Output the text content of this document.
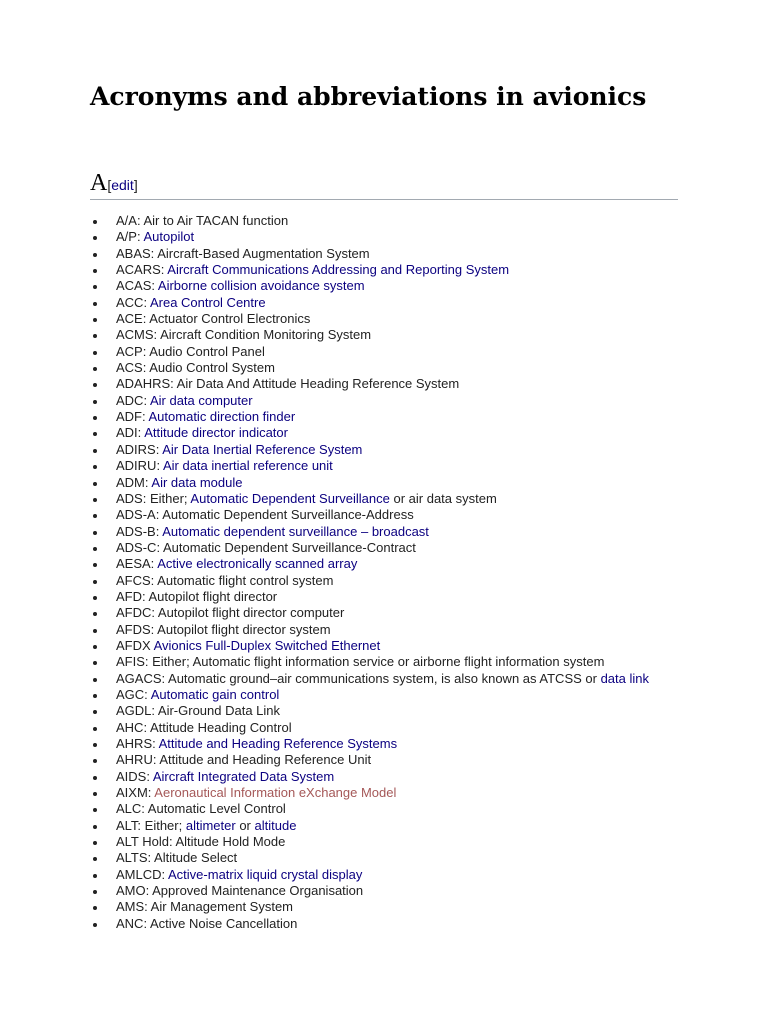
Acronyms and abbreviations in avionics
A[edit]
A/A: Air to Air TACAN function
A/P: Autopilot
ABAS: Aircraft-Based Augmentation System
ACARS: Aircraft Communications Addressing and Reporting System
ACAS: Airborne collision avoidance system
ACC: Area Control Centre
ACE: Actuator Control Electronics
ACMS: Aircraft Condition Monitoring System
ACP: Audio Control Panel
ACS: Audio Control System
ADAHRS: Air Data And Attitude Heading Reference System
ADC: Air data computer
ADF: Automatic direction finder
ADI: Attitude director indicator
ADIRS: Air Data Inertial Reference System
ADIRU: Air data inertial reference unit
ADM: Air data module
ADS: Either; Automatic Dependent Surveillance or air data system
ADS-A: Automatic Dependent Surveillance-Address
ADS-B: Automatic dependent surveillance – broadcast
ADS-C: Automatic Dependent Surveillance-Contract
AESA: Active electronically scanned array
AFCS: Automatic flight control system
AFD: Autopilot flight director
AFDC: Autopilot flight director computer
AFDS: Autopilot flight director system
AFDX Avionics Full-Duplex Switched Ethernet
AFIS: Either; Automatic flight information service or airborne flight information system
AGACS: Automatic ground–air communications system, is also known as ATCSS or data link
AGC: Automatic gain control
AGDL: Air-Ground Data Link
AHC: Attitude Heading Control
AHRS: Attitude and Heading Reference Systems
AHRU: Attitude and Heading Reference Unit
AIDS: Aircraft Integrated Data System
AIXM: Aeronautical Information eXchange Model
ALC: Automatic Level Control
ALT: Either; altimeter or altitude
ALT Hold: Altitude Hold Mode
ALTS: Altitude Select
AMLCD: Active-matrix liquid crystal display
AMO: Approved Maintenance Organisation
AMS: Air Management System
ANC: Active Noise Cancellation
